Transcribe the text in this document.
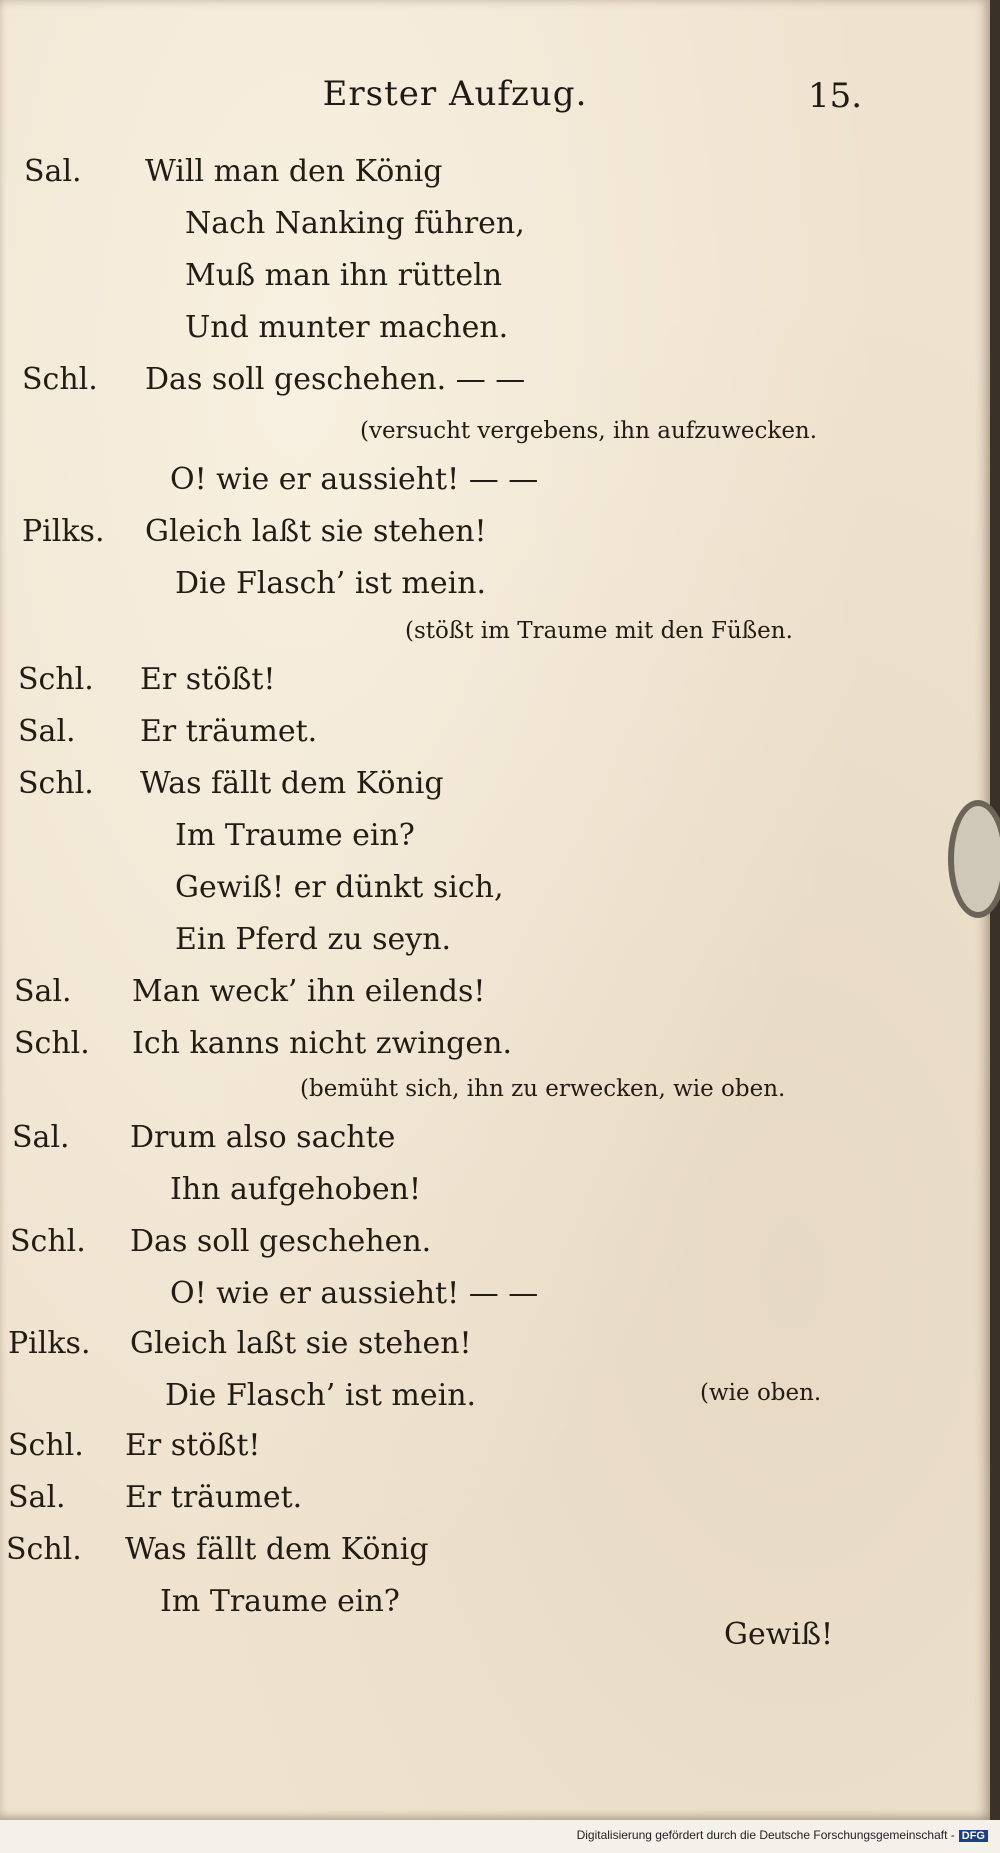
Erster Aufzug.	15.
Sal. Will man den König
Nach Nanking führen,
Muß man ihn rütteln
Und munter machen.
Schl. Das soll geschehen. — —
(versucht vergebens, ihn aufzuwecken.
O! wie er aussieht! — —
Pilks. Gleich laßt sie stehen!
Die Flasch’ ist mein.
(stößt im Traume mit den Füßen.
Schl. Er stößt!
Sal. Er träumet.
Schl. Was fällt dem König
Im Traume ein?
Gewiß! er dünkt sich,
Ein Pferd zu seyn.
Sal. Man weck’ ihn eilends!
Schl. Ich kanns nicht zwingen.
(bemüht sich, ihn zu erwecken, wie oben.
Sal. Drum also sachte
Ihn aufgehoben!
Schl. Das soll geschehen.
O! wie er aussieht! — —
Pilks. Gleich laßt sie stehen!
Die Flasch’ ist mein.	(wie oben.
Schl. Er stößt!
Sal. Er träumet.
Schl. Was fällt dem König
Im Traume ein?
Gewiß!
Digitalisierung gefördert durch die Deutsche Forschungsgemeinschaft - DFG
